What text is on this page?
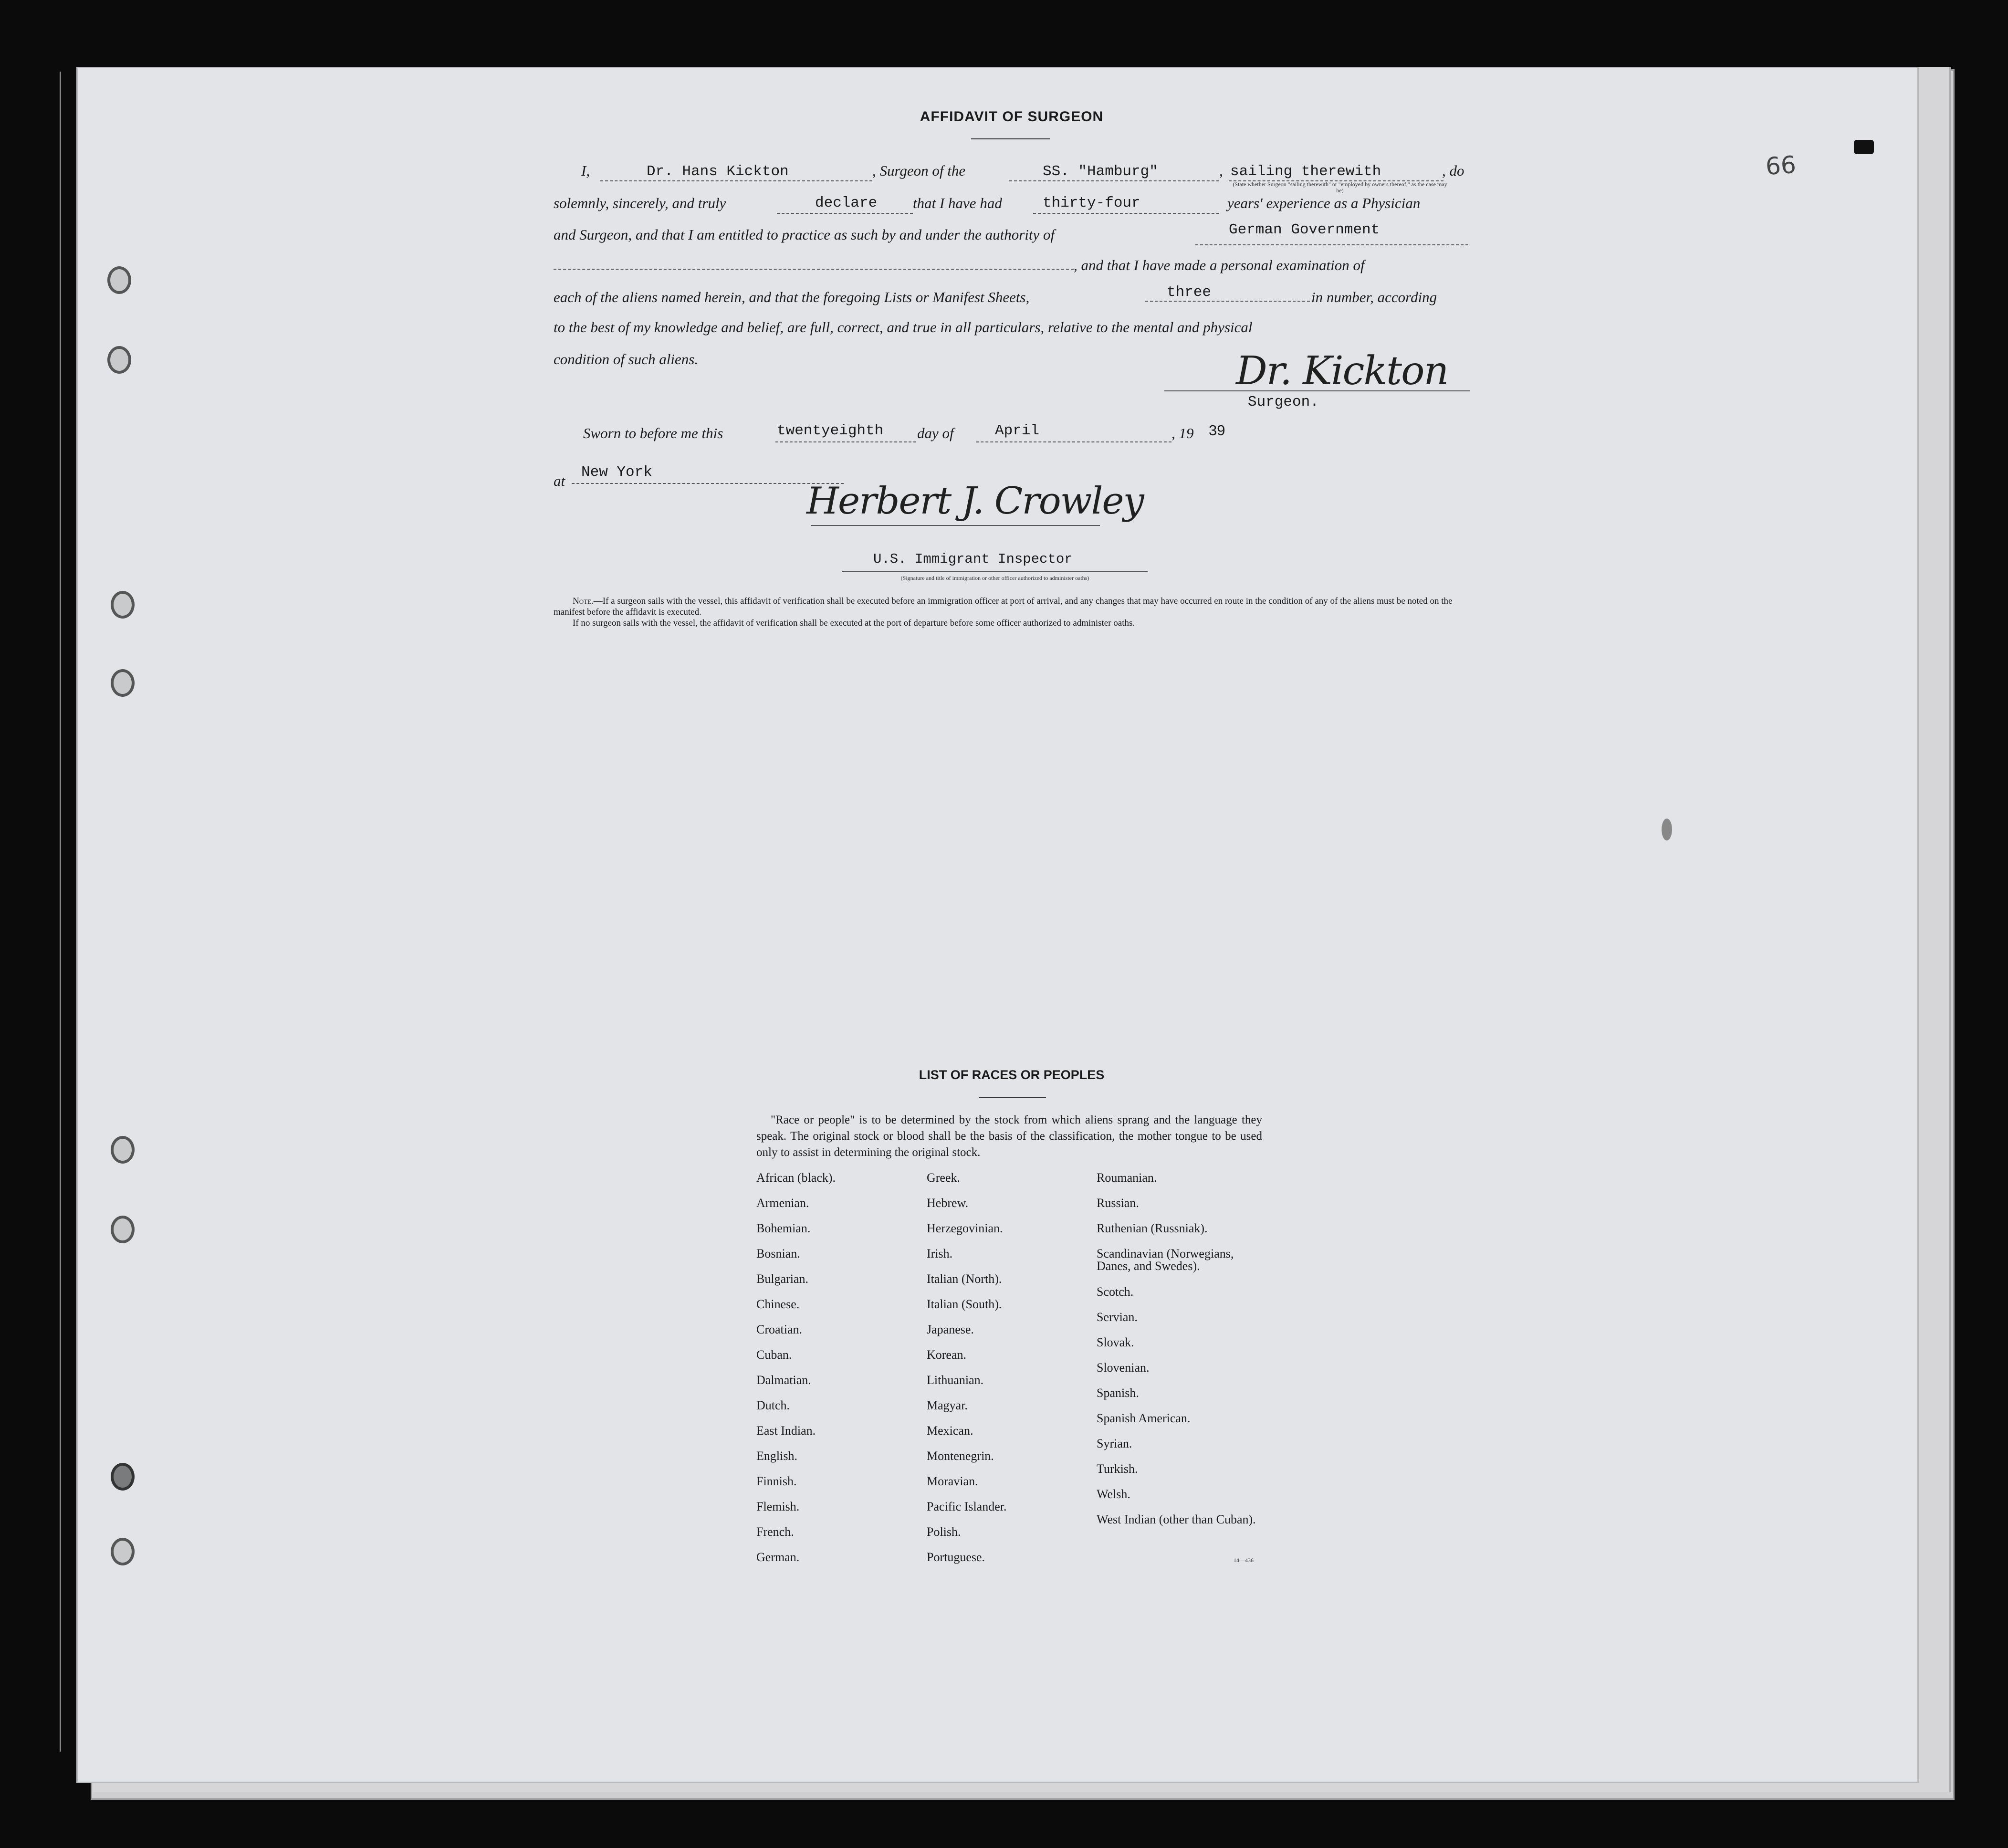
66
AFFIDAVIT OF SURGEON
I,	Dr. Hans Kickton	, Surgeon of the	SS. "Hamburg"	, sailing therewith	, do
(State whether Surgeon "sailing therewith" or "employed by owners thereof," as the case may be)
solemnly, sincerely, and truly	declare that I have had	thirty-four	years' experience as a Physician
and Surgeon, and that I am entitled to practice as such by and under the authority of	German Government
, and that I have made a personal examination of
each of the aliens named herein, and that the foregoing Lists or Manifest Sheets,	three	in number, according
to the best of my knowledge and belief, are full, correct, and true in all particulars, relative to the mental and physical
condition of such aliens.	Dr. Kickton
Surgeon.
Sworn to before me this	twentyeighth day of	April	, 19 39
at
New York
Herbert J. Crowley
U.S. Immigrant Inspector
(Signature and title of immigration or other officer authorized to administer oaths)
Note.—If a surgeon sails with the vessel, this affidavit of verification shall be executed before an immigration officer at port of arrival, and any changes that may have occurred en route in the condition of any of the aliens must be noted on the manifest before the affidavit is executed.
If no surgeon sails with the vessel, the affidavit of verification shall be executed at the port of departure before some officer authorized to administer oaths.
LIST OF RACES OR PEOPLES
"Race or people" is to be determined by the stock from which aliens sprang and the language they speak. The original stock or blood shall be the basis of the classification, the mother tongue to be used only to assist in determining the original stock.
African (black).
Armenian.
Bohemian.
Bosnian.
Bulgarian.
Chinese.
Croatian.
Cuban.
Dalmatian.
Dutch.
East Indian.
English.
Finnish.
Flemish.
French.
German.
Greek.
Hebrew.
Herzegovinian.
Irish.
Italian (North).
Italian (South).
Japanese.
Korean.
Lithuanian.
Magyar.
Mexican.
Montenegrin.
Moravian.
Pacific Islander.
Polish.
Portuguese.
Roumanian.
Russian.
Ruthenian (Russniak).
Scandinavian (Norwegians, Danes, and Swedes).
Scotch.
Servian.
Slovak.
Slovenian.
Spanish.
Spanish American.
Syrian.
Turkish.
Welsh.
West Indian (other than Cuban).
14—436
